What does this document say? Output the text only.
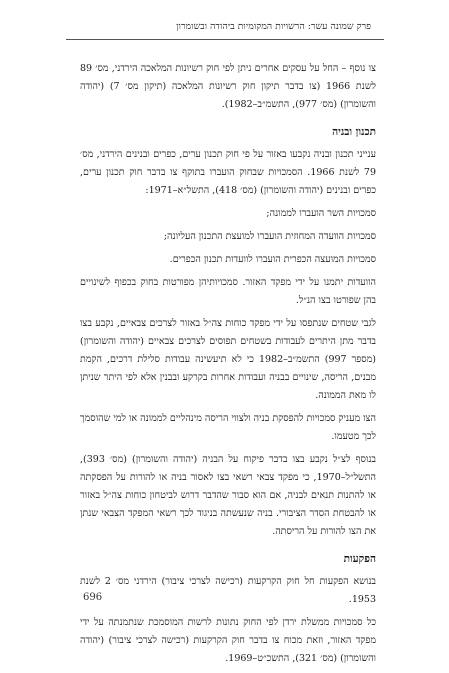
פרק שמונה עשר: הרשויות המקומיות ביהודה ובשומרון

צו נוסף – החל על עסקים אחרים ניתן לפי חוק רשיונות המלאכה הירדני, מס׳ 89 לשנת 1966 (צו בדבר תיקון חוק רשיונות המלאכה (תיקון מס׳ 7) (יהודה והשומרון) (מס׳ 977), התשמ״ב–1982).

תכנון ובניה

ענייני תכנון ובניה נקבעו באזור על פי חוק תכנון ערים, כפרים ובנינים הירדני, מס׳ 79 לשנת 1966. הסמכויות שבחוק הועברו בתוקף צו בדבר חוק תכנון ערים, כפרים ובנינים (יהודה והשומרון) (מס׳ 418), התשל״א–1971:

סמכויות השר הועברו לממונה;

סמכויות הוועדה המחוזית הועברו למועצת התכנון העליונה;

סמכויות המועצה הכפרית הועברו לוועדות תכנון הכפרים.

הוועדות יתמנו על ידי מפקד האזור. סמכויותיהן מפורטות בחוק בכפוף לשינויים בהן שפורטו בצו הנ״ל.

לגבי שטחים שנתפסו על ידי מפקד כוחות צה״ל באזור לצרכים צבאיים, נקבע בצו בדבר מתן היתרים לעבודות בשטחים תפוסים לצרכים צבאיים (יהודה והשומרון) (מספר 997) התשמ״ב–1982 כי לא תיעשינה עבודות סלילת דרכים, הקמת מבנים, הריסה, שינויים בבניה ועבודות אחרות בקרקע ובבנין אלא לפי היתר שניתן לו מאת הממונה.

הצו מעניק סמכויות להפסקת בניה ולצווי הריסה מינהליים לממונה או למי שהוסמך לכך מטעמו.

בנוסף לצ״ל נקבע בצו בדבר פיקוח על הבניה (יהודה והשומרון) (מס׳ 393), התשל״ל–1970, כי מפקד צבאי רשאי בצו לאסור בניה או להורות על הפסקתה או להתנות תנאים לבניה, אם הוא סבור שהדבר דרוש לביטחון כוחות צה״ל באזור או להבטחת הסדר הציבורי. בניה שנעשתה בניגוד לכך רשאי המפקד הצבאי שנתן את הצו להורות על הריסתה.

הפקעות

בנושא הפקעות חל חוק הקרקעות (רכישה לצרכי ציבור) הירדני מס׳ 2 לשנת 1953.

כל סמכויות ממשלת ירדן לפי החוק נתונות לרשות המוסמכת שנתמנתה על ידי מפקד האזור, וזאת מכוח צו בדבר חוק הקרקעות (רכישה לצרכי ציבור) (יהודה והשומרון) (מס׳ 321), התשכ״ט–1969.

696
